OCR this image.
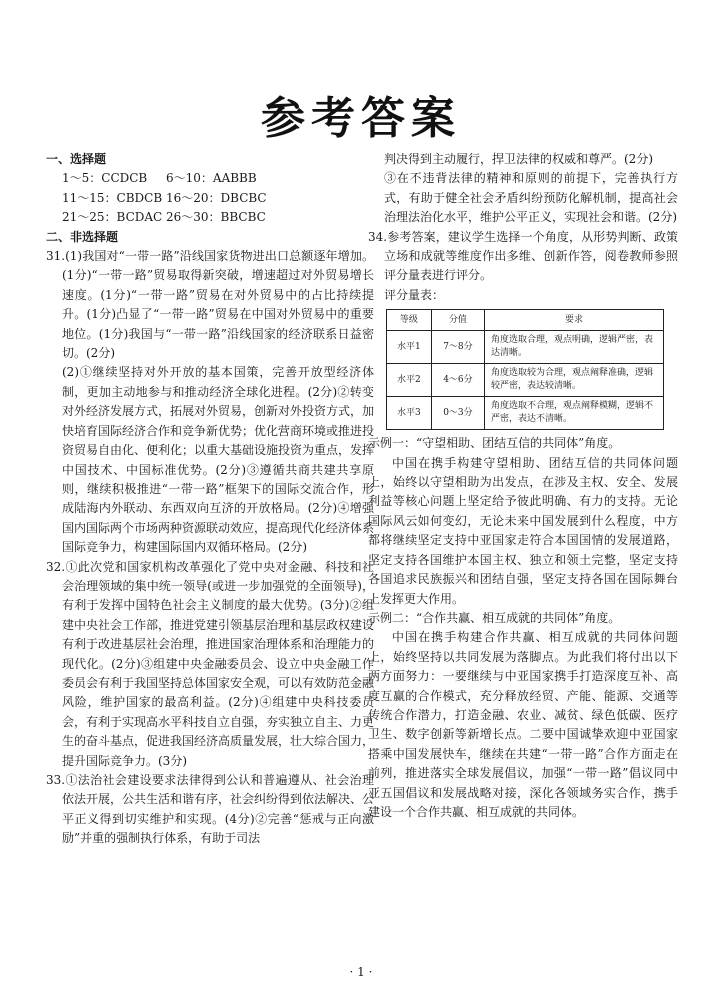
参考答案

一、选择题

1～5：CCDCB	6～10：AABBB
11～15：CBDCB 16～20：DBCBC
21～25：BCDAC 26～30：BBCBC

二、非选择题

31.(1)我国对“一带一路”沿线国家货物进出口总额逐年增加。(1分)“一带一路”贸易取得新突破，增速超过对外贸易增长速度。(1分)“一带一路”贸易在对外贸易中的占比持续提升。(1分)凸显了“一带一路”贸易在中国对外贸易中的重要地位。(1分)我国与“一带一路”沿线国家的经济联系日益密切。(2分)

(2)①继续坚持对外开放的基本国策，完善开放型经济体制，更加主动地参与和推动经济全球化进程。(2分)②转变对外经济发展方式，拓展对外贸易，创新对外投资方式，加快培育国际经济合作和竞争新优势；优化营商环境或推进投资贸易自由化、便利化；以重大基础设施投资为重点，发挥中国技术、中国标准优势。(2分)③遵循共商共建共享原则，继续积极推进“一带一路”框架下的国际交流合作，形成陆海内外联动、东西双向互济的开放格局。(2分)④增强国内国际两个市场两种资源联动效应，提高现代化经济体系国际竞争力，构建国际国内双循环格局。(2分)

32.①此次党和国家机构改革强化了党中央对金融、科技和社会治理领域的集中统一领导(或进一步加强党的全面领导)，有利于发挥中国特色社会主义制度的最大优势。(3分)②组建中央社会工作部，推进党建引领基层治理和基层政权建设有利于改进基层社会治理，推进国家治理体系和治理能力的现代化。(2分)③组建中央金融委员会、设立中央金融工作委员会有利于我国坚持总体国家安全观，可以有效防范金融风险，维护国家的最高利益。(2分)④组建中央科技委员会，有利于实现高水平科技自立自强，夯实独立自主、力更生的奋斗基点，促进我国经济高质量发展，壮大综合国力，提升国际竞争力。(3分)

33.①法治社会建设要求法律得到公认和普遍遵从、社会治理依法开展，公共生活和谐有序，社会纠纷得到依法解决、公平正义得到切实维护和实现。(4分)②完善“惩戒与正向激励”并重的强制执行体系，有助于司法

判决得到主动履行，捍卫法律的权威和尊严。(2分)

③在不违背法律的精神和原则的前提下，完善执行方式，有助于健全社会矛盾纠纷预防化解机制，提高社会治理法治化水平，维护公平正义，实现社会和谐。(2分)

34.参考答案，建议学生选择一个角度，从形势判断、政策立场和成就等维度作出多维、创新作答，阅卷教师参照评分量表进行评分。

评分量表：

等级	分值	要求
水平1	7～8分	角度选取合理，观点明确，逻辑严密，表达清晰。
水平2	4～6分	角度选取较为合理，观点阐释准确，逻辑较严密，表达较清晰。
水平3	0～3分	角度选取不合理，观点阐释模糊，逻辑不严密，表达不清晰。

示例一：“守望相助、团结互信的共同体”角度。

中国在携手构建守望相助、团结互信的共同体问题上，始终以守望相助为出发点，在涉及主权、安全、发展利益等核心问题上坚定给予彼此明确、有力的支持。无论国际风云如何变幻，无论未来中国发展到什么程度，中方都将继续坚定支持中亚国家走符合本国国情的发展道路，坚定支持各国维护本国主权、独立和领土完整，坚定支持各国追求民族振兴和团结自强，坚定支持各国在国际舞台上发挥更大作用。

示例二：“合作共赢、相互成就的共同体”角度。

中国在携手构建合作共赢、相互成就的共同体问题上，始终坚持以共同发展为落脚点。为此我们将付出以下两方面努力：一要继续与中亚国家携手打造深度互补、高度互赢的合作模式，充分释放经贸、产能、能源、交通等传统合作潜力，打造金融、农业、减贫、绿色低碳、医疗卫生、数字创新等新增长点。二要中国诚挚欢迎中亚国家搭乘中国发展快车，继续在共建“一带一路”合作方面走在前列，推进落实全球发展倡议，加强“一带一路”倡议同中亚五国倡议和发展战略对接，深化各领域务实合作，携手建设一个合作共赢、相互成就的共同体。

· 1 ·
